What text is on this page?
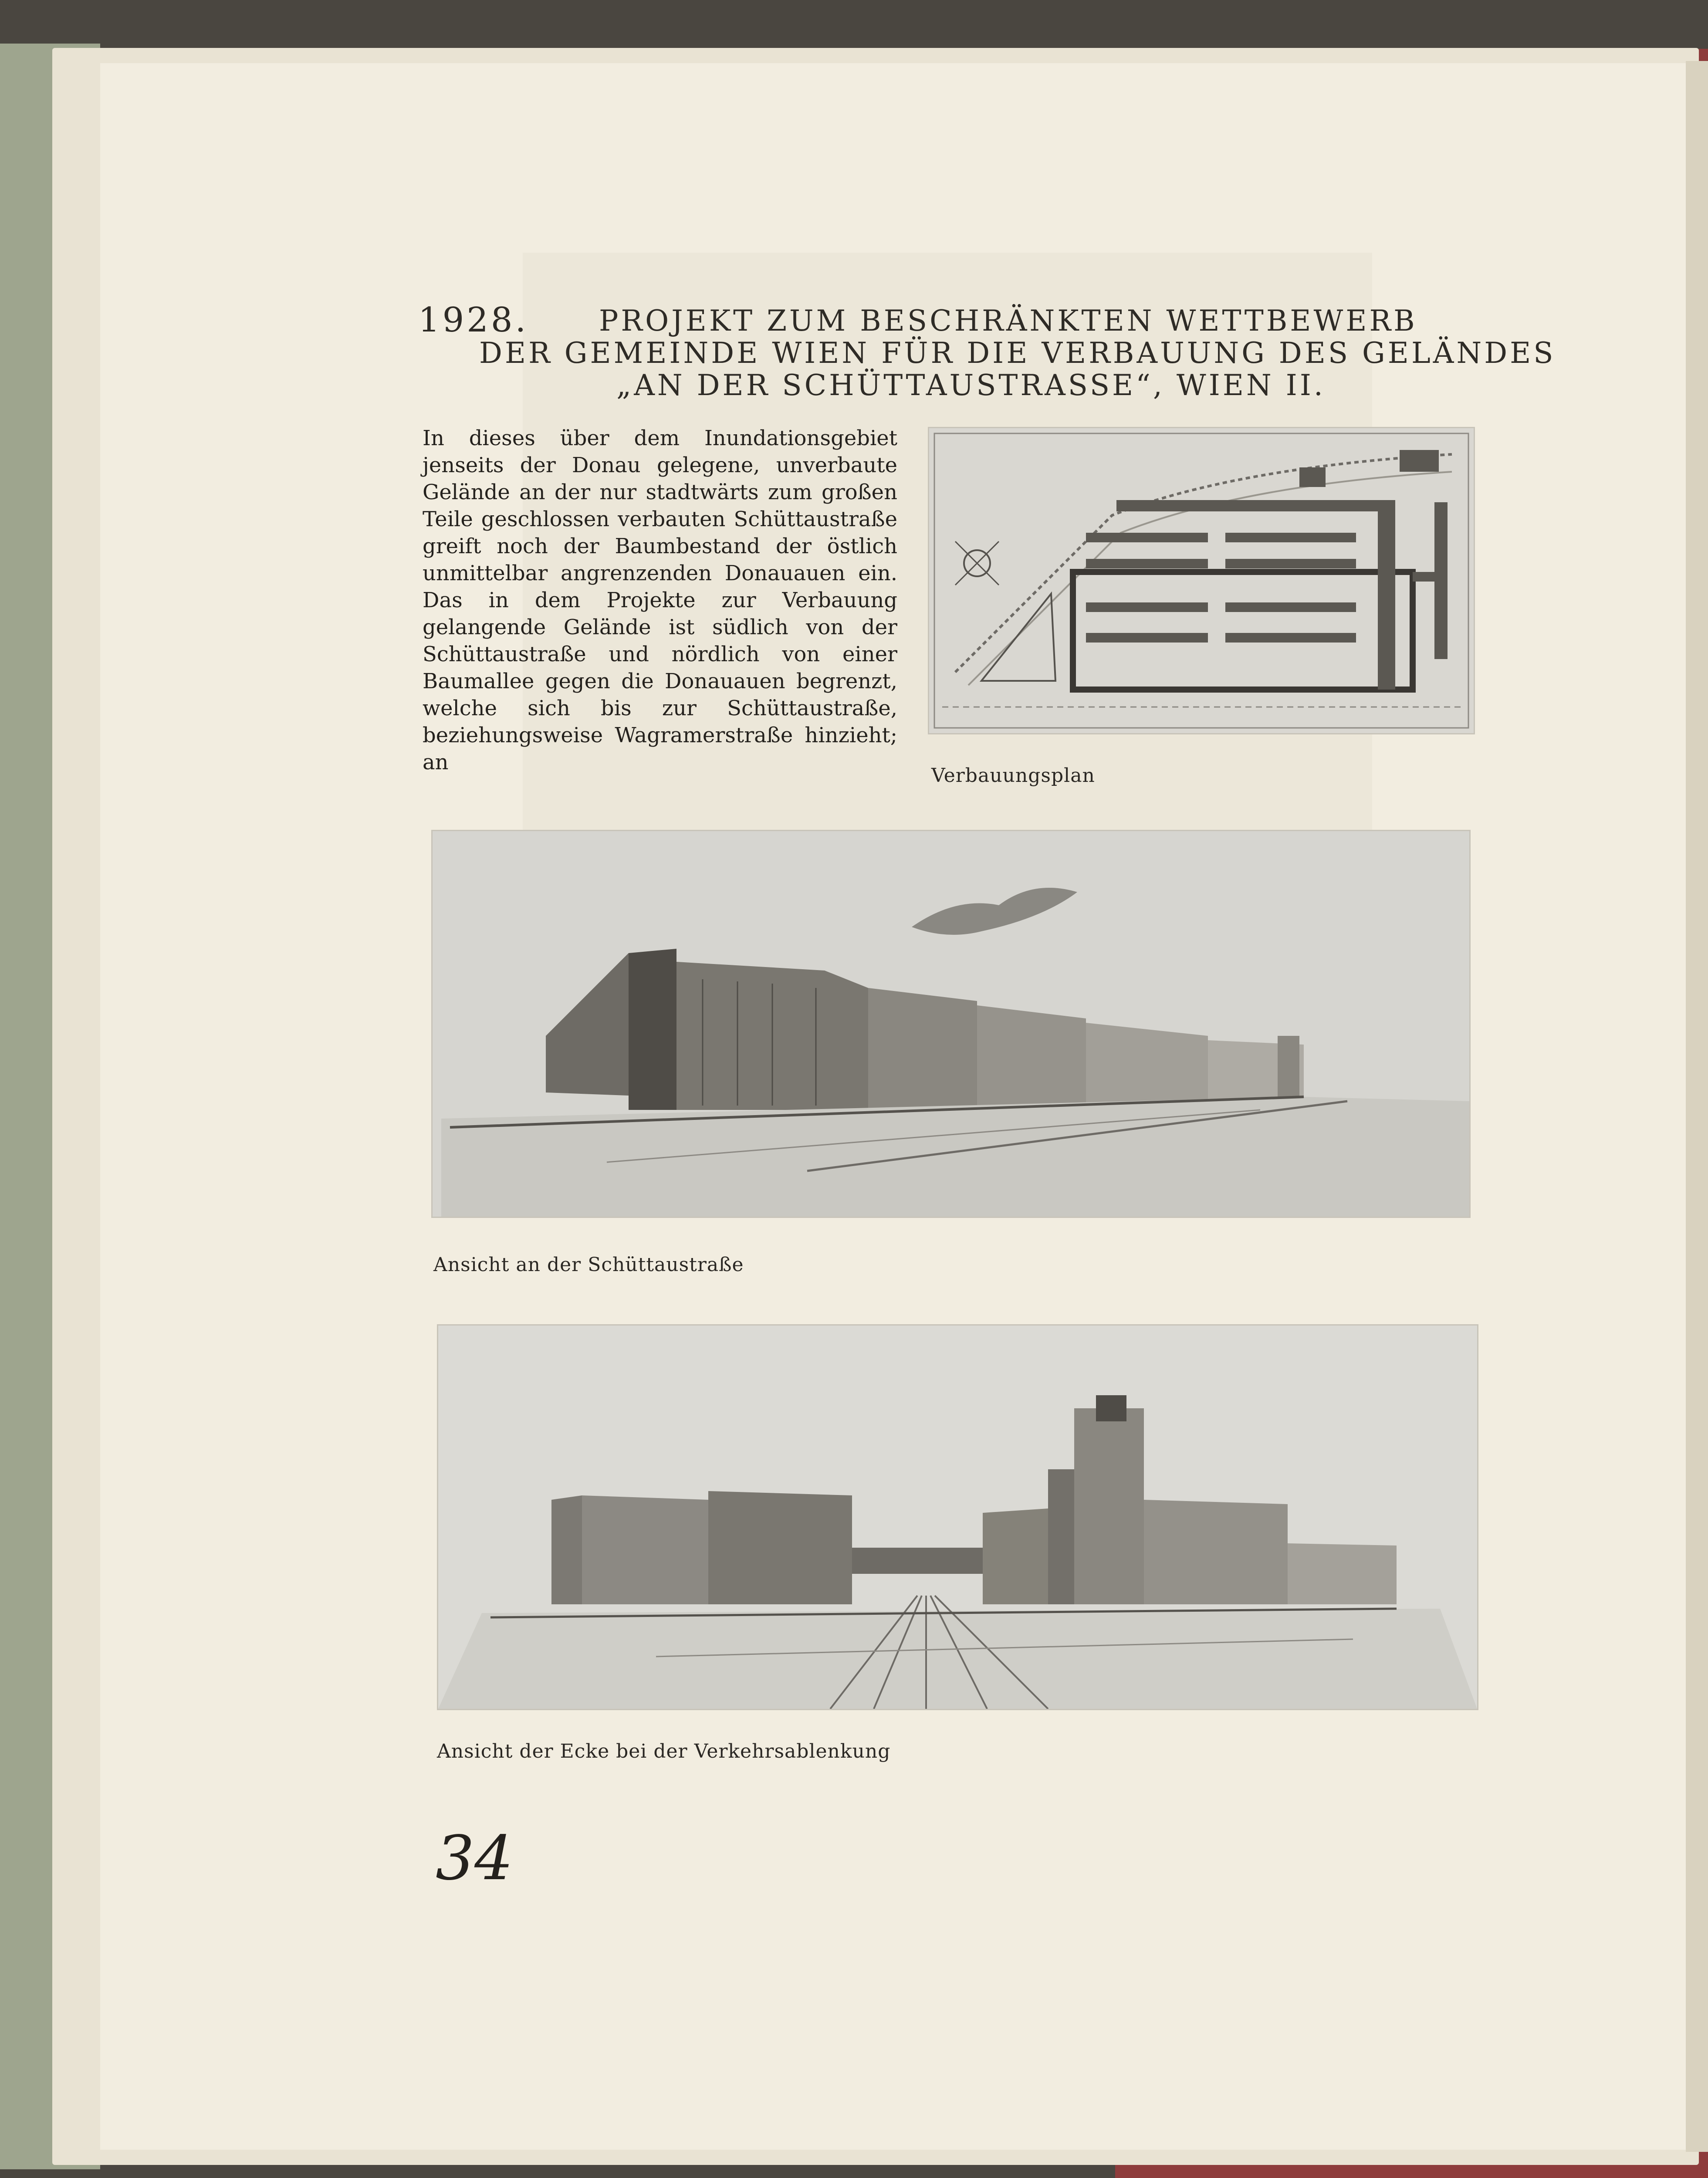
1928. PROJEKT ZUM BESCHRÄNKTEN WETTBEWERB
DER GEMEINDE WIEN FÜR DIE VERBAUUNG DES GELÄNDES
„AN DER SCHÜTTAUSTRASSE“, WIEN II.
In dieses über dem Inundationsgebiet jenseits der Donau gelegene, unverbaute Gelände an der nur stadtwärts zum großen Teile geschlossen verbauten Schüttaustraße greift noch der Baumbestand der östlich unmittelbar angrenzenden Donauauen ein. Das in dem Projekte zur Verbauung gelangende Gelände ist südlich von der Schüttaustraße und nördlich von einer Baumallee gegen die Donauauen begrenzt, welche sich bis zur Schüttaustraße, beziehungsweise Wagramerstraße hinzieht; an
Verbauungsplan
Ansicht an der Schüttaustraße
Ansicht der Ecke bei der Verkehrsablenkung
34
